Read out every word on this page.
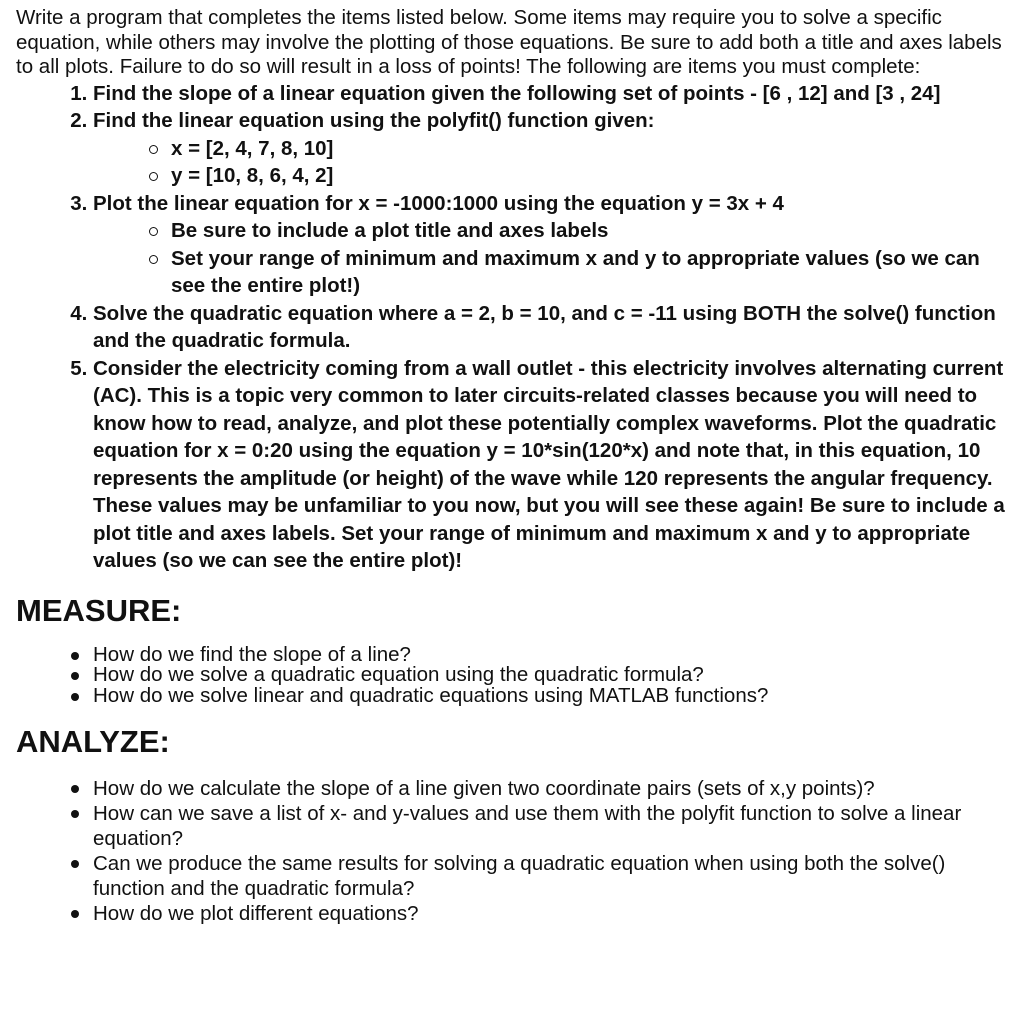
Write a program that completes the items listed below. Some items may require you to solve a specific equation, while others may involve the plotting of those equations. Be sure to add both a title and axes labels to all plots. Failure to do so will result in a loss of points! The following are items you must complete:

1. Find the slope of a linear equation given the following set of points - [6 , 12] and [3 , 24]
2. Find the linear equation using the polyfit() function given:
x = [2, 4, 7, 8, 10]
y = [10, 8, 6, 4, 2]
3. Plot the linear equation for x = -1000:1000 using the equation y = 3x + 4
Be sure to include a plot title and axes labels
Set your range of minimum and maximum x and y to appropriate values (so we can see the entire plot!)
4. Solve the quadratic equation where a = 2, b = 10, and c = -11 using BOTH the solve() function and the quadratic formula.
5. Consider the electricity coming from a wall outlet - this electricity involves alternating current (AC). This is a topic very common to later circuits-related classes because you will need to know how to read, analyze, and plot these potentially complex waveforms. Plot the quadratic equation for x = 0:20 using the equation y = 10*sin(120*x) and note that, in this equation, 10 represents the amplitude (or height) of the wave while 120 represents the angular frequency. These values may be unfamiliar to you now, but you will see these again! Be sure to include a plot title and axes labels. Set your range of minimum and maximum x and y to appropriate values (so we can see the entire plot)!
MEASURE:
How do we find the slope of a line?
How do we solve a quadratic equation using the quadratic formula?
How do we solve linear and quadratic equations using MATLAB functions?
ANALYZE:
How do we calculate the slope of a line given two coordinate pairs (sets of x,y points)?
How can we save a list of x- and y-values and use them with the polyfit function to solve a linear equation?
Can we produce the same results for solving a quadratic equation when using both the solve() function and the quadratic formula?
How do we plot different equations?
